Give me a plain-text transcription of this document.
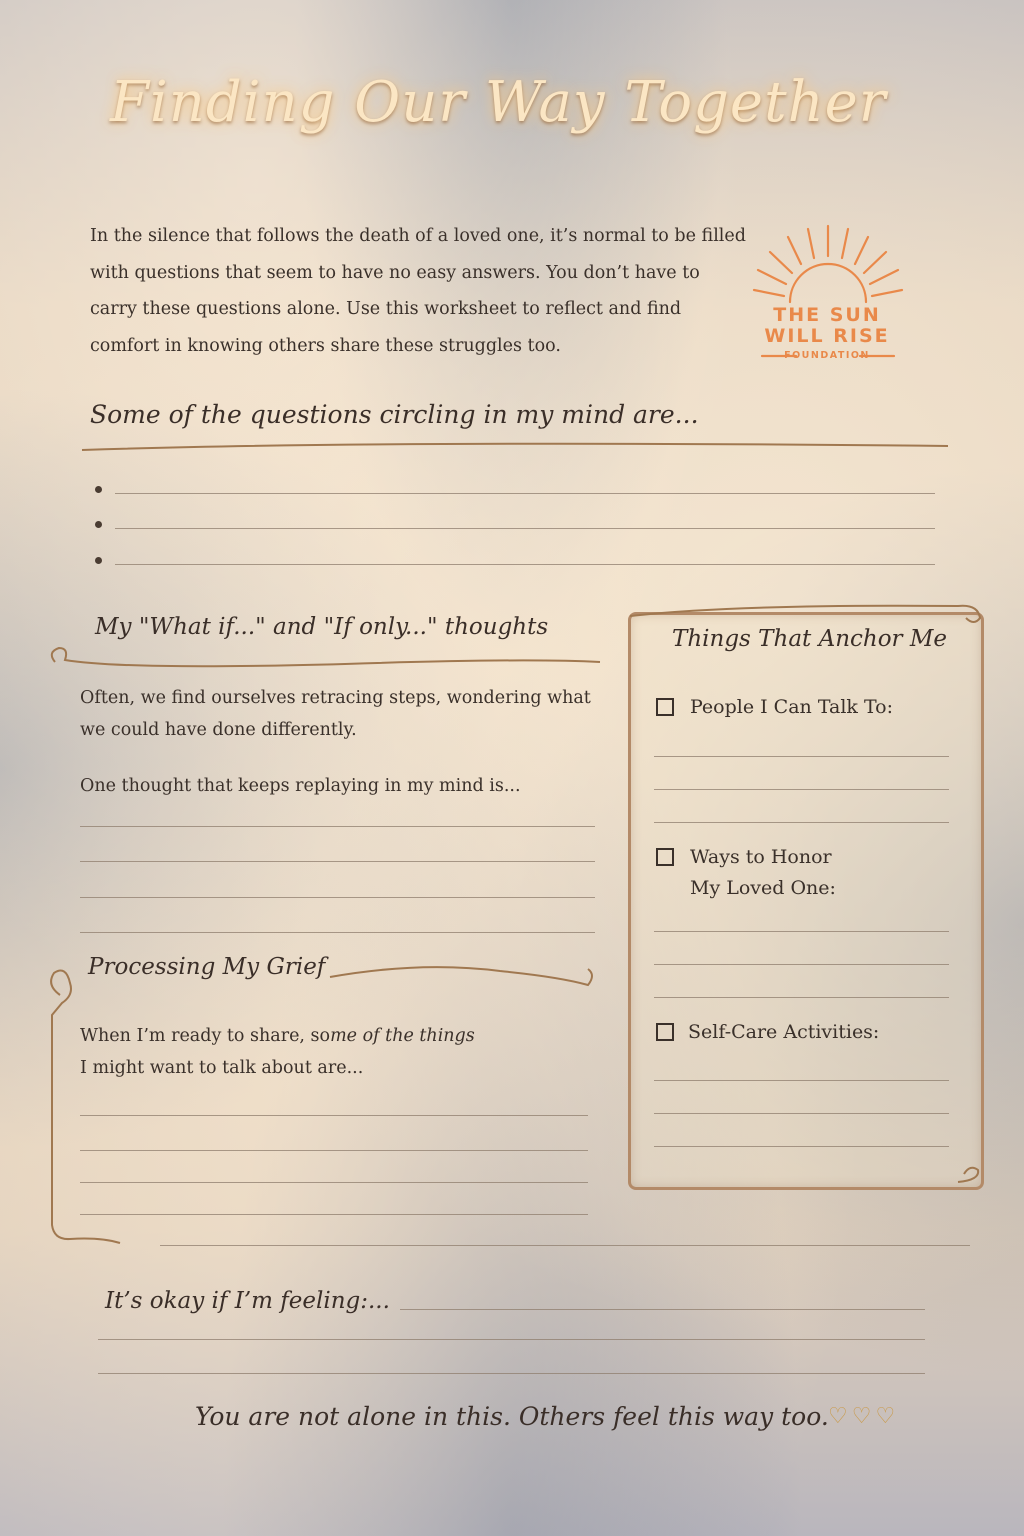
Finding Our Way Together
In the silence that follows the death of a loved one, it’s normal to be filled with questions that seem to have no easy answers. You don’t have to carry these questions alone. Use this worksheet to reflect and find comfort in knowing others share these struggles too.
THE SUN
WILL RISE
FOUNDATION
Some of the questions circling in my mind are...
My "What if..." and "If only..." thoughts
Often, we find ourselves retracing steps, wondering what we could have done differently.
One thought that keeps replaying in my mind is...
Processing My Grief
When I’m ready to share, some of the things
I might want to talk about are...
Things That Anchor Me
People I Can Talk To:
Ways to Honor
My Loved One:
Self-Care Activities:
It’s okay if I’m feeling:...
You are not alone in this. Others feel this way too. ♡♡♡
